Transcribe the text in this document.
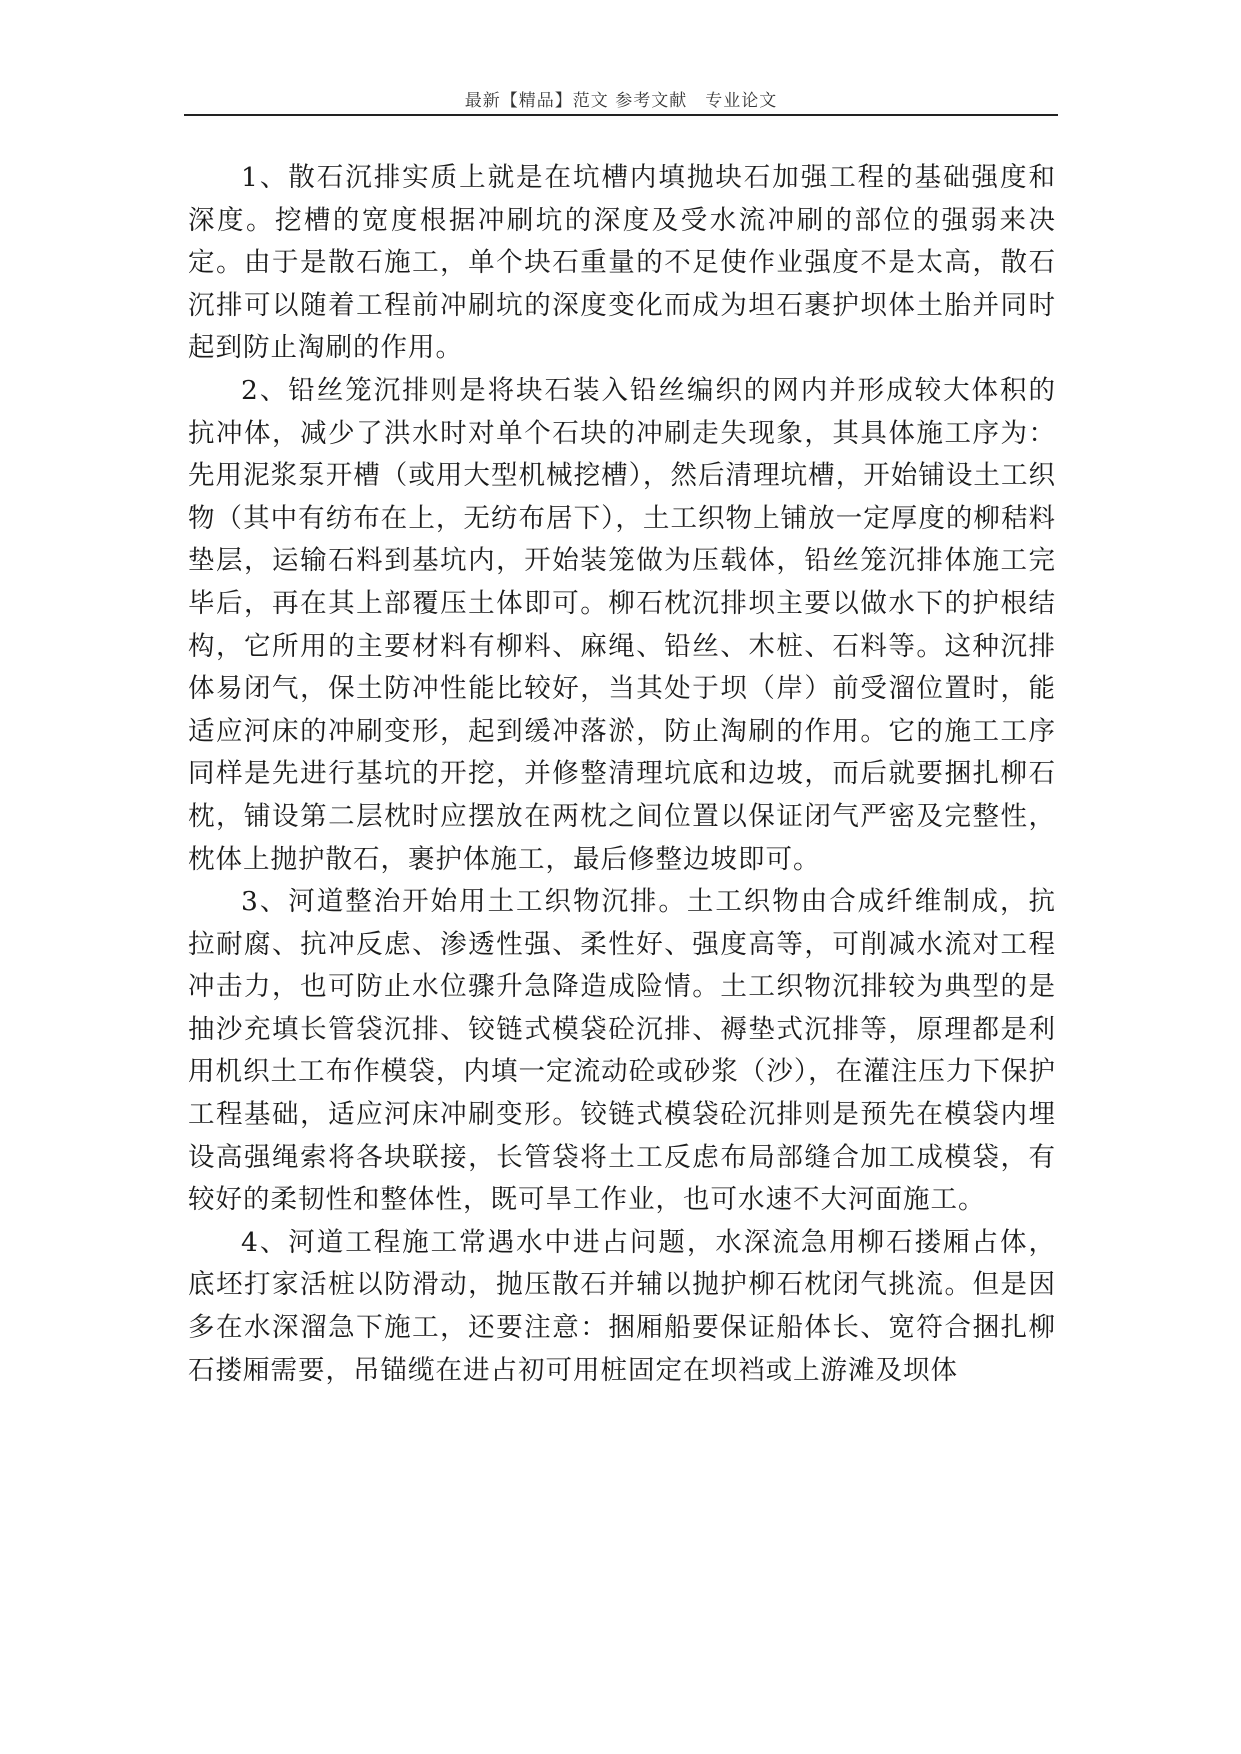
最新【精品】范文 参考文献　专业论文

1、散石沉排实质上就是在坑槽内填抛块石加强工程的基础强度和深度。挖槽的宽度根据冲刷坑的深度及受水流冲刷的部位的强弱来决定。由于是散石施工，单个块石重量的不足使作业强度不是太高，散石沉排可以随着工程前冲刷坑的深度变化而成为坦石裹护坝体土胎并同时起到防止淘刷的作用。

2、铅丝笼沉排则是将块石装入铅丝编织的网内并形成较大体积的抗冲体，减少了洪水时对单个石块的冲刷走失现象，其具体施工序为：先用泥浆泵开槽（或用大型机械挖槽），然后清理坑槽，开始铺设土工织物（其中有纺布在上，无纺布居下），土工织物上铺放一定厚度的柳秸料垫层，运输石料到基坑内，开始装笼做为压载体，铅丝笼沉排体施工完毕后，再在其上部覆压土体即可。柳石枕沉排坝主要以做水下的护根结构，它所用的主要材料有柳料、麻绳、铅丝、木桩、石料等。这种沉排体易闭气，保土防冲性能比较好，当其处于坝（岸）前受溜位置时，能适应河床的冲刷变形，起到缓冲落淤，防止淘刷的作用。它的施工工序同样是先进行基坑的开挖，并修整清理坑底和边坡，而后就要捆扎柳石枕，铺设第二层枕时应摆放在两枕之间位置以保证闭气严密及完整性，枕体上抛护散石，裹护体施工，最后修整边坡即可。

3、河道整治开始用土工织物沉排。土工织物由合成纤维制成，抗拉耐腐、抗冲反虑、渗透性强、柔性好、强度高等，可削减水流对工程冲击力，也可防止水位骤升急降造成险情。土工织物沉排较为典型的是抽沙充填长管袋沉排、铰链式模袋砼沉排、褥垫式沉排等，原理都是利用机织土工布作模袋，内填一定流动砼或砂浆（沙），在灌注压力下保护工程基础，适应河床冲刷变形。铰链式模袋砼沉排则是预先在模袋内埋设高强绳索将各块联接，长管袋将土工反虑布局部缝合加工成模袋，有较好的柔韧性和整体性，既可旱工作业，也可水速不大河面施工。

4、河道工程施工常遇水中进占问题，水深流急用柳石搂厢占体，底坯打家活桩以防滑动，抛压散石并辅以抛护柳石枕闭气挑流。但是因多在水深溜急下施工，还要注意：捆厢船要保证船体长、宽符合捆扎柳石搂厢需要，吊锚缆在进占初可用桩固定在坝裆或上游滩及坝体
